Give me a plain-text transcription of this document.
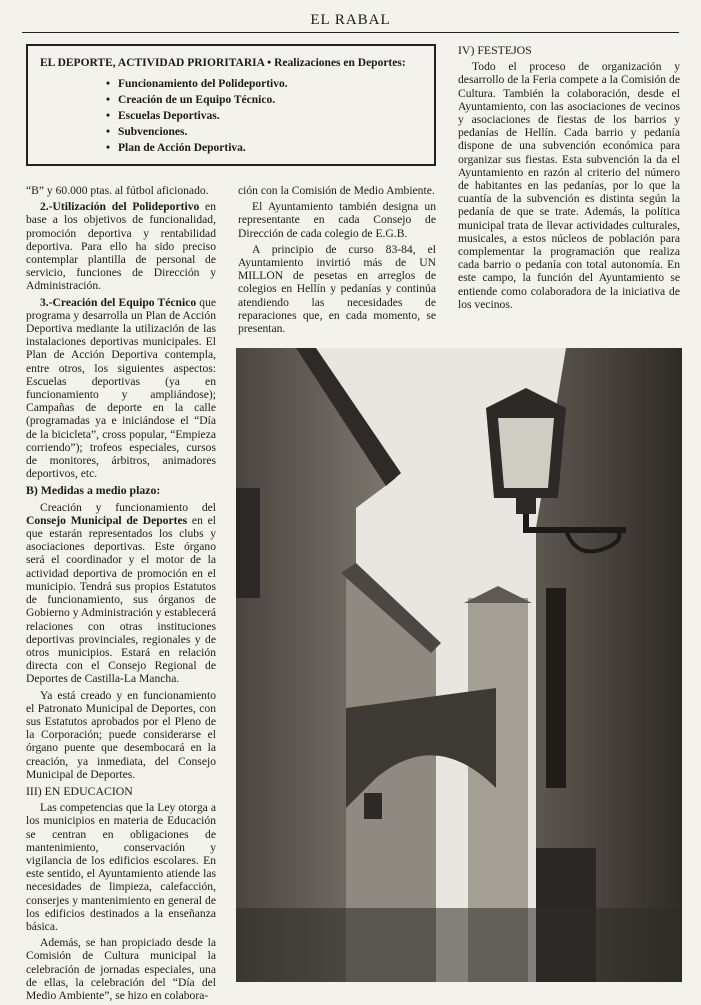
EL RABAL
EL DEPORTE, ACTIVIDAD PRIORITARIA • Realizaciones en Deportes:
• Funcionamiento del Polideportivo.
• Creación de un Equipo Técnico.
• Escuelas Deportivas.
• Subvenciones.
• Plan de Acción Deportiva.

“B” y 60.000 ptas. al fútbol aficionado.

2.-Utilización del Polideportivo en base a los objetivos de funcionalidad, promoción deportiva y rentabilidad deportiva. Para ello ha sido preciso contemplar plantilla de personal de servicio, funciones de Dirección y Administración.

3.-Creación del Equipo Técnico que programa y desarrolla un Plan de Acción Deportiva mediante la utilización de las instalaciones deportivas municipales. El Plan de Acción Deportiva contempla, entre otros, los siguientes aspectos: Escuelas deportivas (ya en funcionamiento y ampliándose); Campañas de deporte en la calle (programadas ya e iniciándose el “Día de la bicicleta”, cross popular, “Empieza corriendo”); trofeos especiales, cursos de monitores, árbitros, animadores deportivos, etc.

B) Medidas a medio plazo:

Creación y funcionamiento del Consejo Municipal de Deportes en el que estarán representados los clubs y asociaciones deportivas. Este órgano será el coordinador y el motor de la actividad deportiva de promoción en el municipio. Tendrá sus propios Estatutos de funcionamiento, sus órganos de Gobierno y Administración y establecerá relaciones con otras instituciones deportivas provinciales, regionales y de otros municipios. Estará en relación directa con el Consejo Regional de Deportes de Castilla-La Mancha.

Ya está creado y en funcionamiento el Patronato Municipal de Deportes, con sus Estatutos aprobados por el Pleno de la Corporación; puede considerarse el órgano puente que desembocará en la creación, ya inmediata, del Consejo Municipal de Deportes.

III) EN EDUCACION

Las competencias que la Ley otorga a los municipios en materia de Educación se centran en obligaciones de mantenimiento, conservación y vigilancia de los edificios escolares. En este sentido, el Ayuntamiento atiende las necesidades de limpieza, calefacción, conserjes y mantenimiento en general de los edificios destinados a la enseñanza básica.

Además, se han propiciado desde la Comisión de Cultura municipal la celebración de jornadas especiales, una de ellas, la celebración del “Día del Medio Ambiente”, se hizo en colabora-

ción con la Comisión de Medio Ambiente.

El Ayuntamiento también designa un representante en cada Consejo de Dirección de cada colegio de E.G.B.

A principio de curso 83-84, el Ayuntamiento invirtió más de UN MILLON de pesetas en arreglos de colegios en Hellín y pedanías y continúa atendiendo las necesidades de reparaciones que, en cada momento, se presentan.

IV) FESTEJOS

Todo el proceso de organización y desarrollo de la Feria compete a la Comisión de Cultura. También la colaboración, desde el Ayuntamiento, con las asociaciones de vecinos y asociaciones de fiestas de los barrios y pedanías de Hellín. Cada barrio y pedanía dispone de una subvención económica para organizar sus fiestas. Esta subvención la da el Ayuntamiento en razón al criterio del número de habitantes en las pedanías, por lo que la cuantía de la subvención es distinta según la pedanía de que se trate. Además, la política municipal trata de llevar actividades culturales, musicales, a estos núcleos de población para complementar la programación que realiza cada barrio o pedanía con total autonomía. En este campo, la función del Ayuntamiento se entiende como colaboradora de la iniciativa de los vecinos.
